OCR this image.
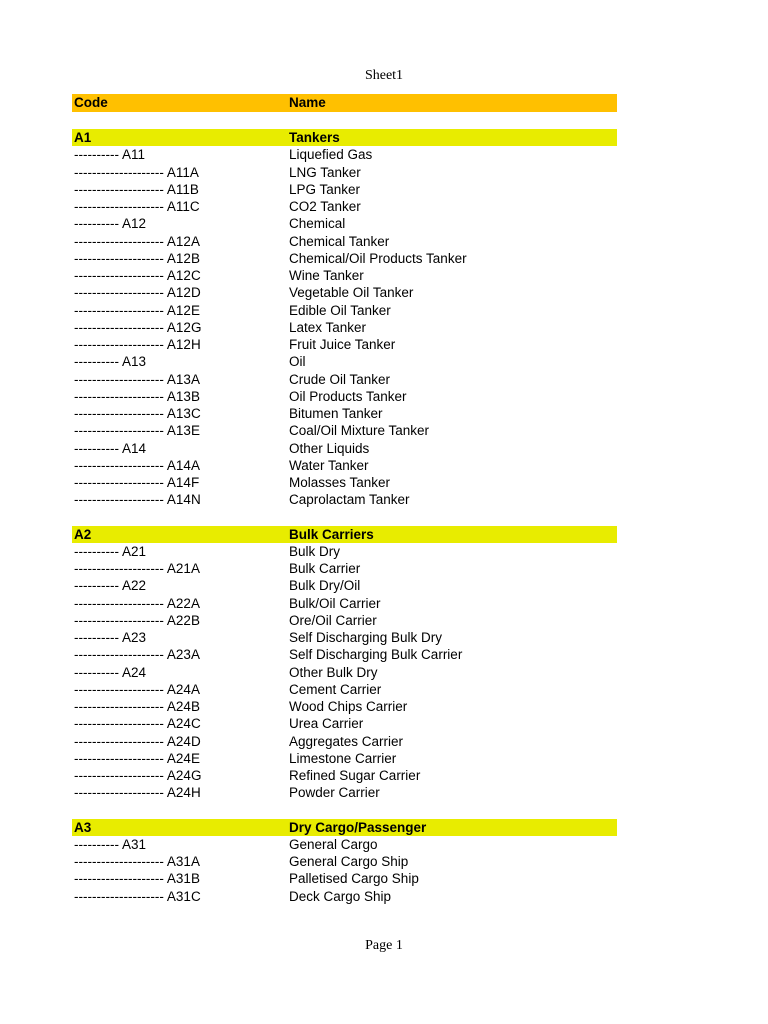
Sheet1
Code	Name
A1	Tankers
---------- A11	Liquefied Gas
-------------------- A11A	LNG Tanker
-------------------- A11B	LPG Tanker
-------------------- A11C	CO2 Tanker
---------- A12	Chemical
-------------------- A12A	Chemical Tanker
-------------------- A12B	Chemical/Oil Products Tanker
-------------------- A12C	Wine Tanker
-------------------- A12D	Vegetable Oil Tanker
-------------------- A12E	Edible Oil Tanker
-------------------- A12G	Latex Tanker
-------------------- A12H	Fruit Juice Tanker
---------- A13	Oil
-------------------- A13A	Crude Oil Tanker
-------------------- A13B	Oil Products Tanker
-------------------- A13C	Bitumen Tanker
-------------------- A13E	Coal/Oil Mixture Tanker
---------- A14	Other Liquids
-------------------- A14A	Water Tanker
-------------------- A14F	Molasses Tanker
-------------------- A14N	Caprolactam Tanker
A2	Bulk Carriers
---------- A21	Bulk Dry
-------------------- A21A	Bulk Carrier
---------- A22	Bulk Dry/Oil
-------------------- A22A	Bulk/Oil Carrier
-------------------- A22B	Ore/Oil Carrier
---------- A23	Self Discharging Bulk Dry
-------------------- A23A	Self Discharging Bulk Carrier
---------- A24	Other Bulk Dry
-------------------- A24A	Cement Carrier
-------------------- A24B	Wood Chips Carrier
-------------------- A24C	Urea Carrier
-------------------- A24D	Aggregates Carrier
-------------------- A24E	Limestone Carrier
-------------------- A24G	Refined Sugar Carrier
-------------------- A24H	Powder Carrier
A3	Dry Cargo/Passenger
---------- A31	General Cargo
-------------------- A31A	General Cargo Ship
-------------------- A31B	Palletised Cargo Ship
-------------------- A31C	Deck Cargo Ship
Page 1
